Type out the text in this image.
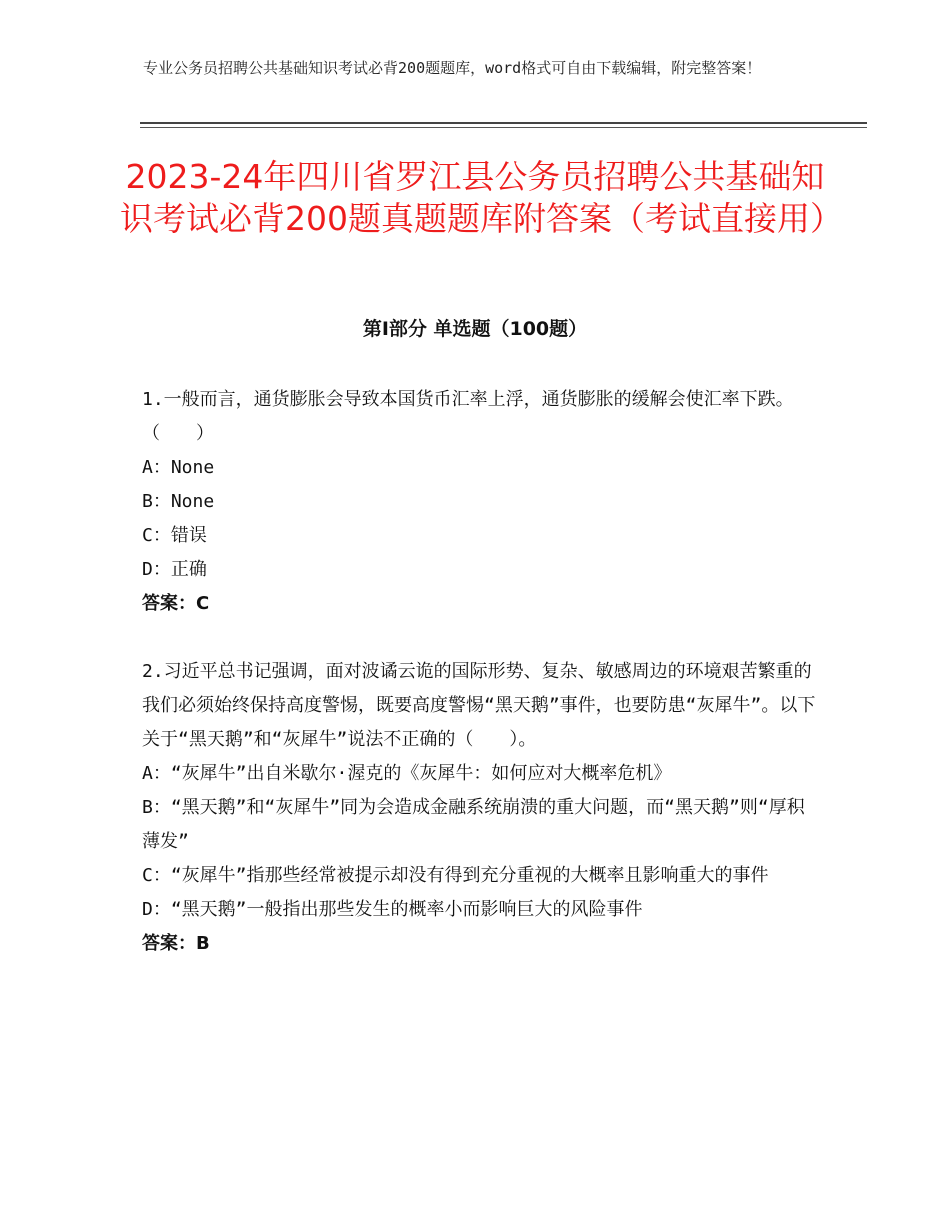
专业公务员招聘公共基础知识考试必背200题题库，word格式可自由下载编辑，附完整答案！
2023-24年四川省罗江县公务员招聘公共基础知识考试必背200题真题题库附答案（考试直接用）
第Ⅰ部分 单选题（100题）

1.一般而言，通货膨胀会导致本国货币汇率上浮，通货膨胀的缓解会使汇率下跌。（　　）

A：None
B：None
C：错误
D：正确
答案：C

2.习近平总书记强调，面对波谲云诡的国际形势、复杂、敏感周边的环境艰苦繁重的我们必须始终保持高度警惕，既要高度警惕“黑天鹅”事件，也要防患“灰犀牛”。以下关于“黑天鹅”和“灰犀牛”说法不正确的（　　）。

A：“灰犀牛”出自米歇尔·渥克的《灰犀牛：如何应对大概率危机》
B：“黑天鹅”和“灰犀牛”同为会造成金融系统崩溃的重大问题，而“黑天鹅”则“厚积薄发”
C：“灰犀牛”指那些经常被提示却没有得到充分重视的大概率且影响重大的事件
D：“黑天鹅”一般指出那些发生的概率小而影响巨大的风险事件
答案：B
